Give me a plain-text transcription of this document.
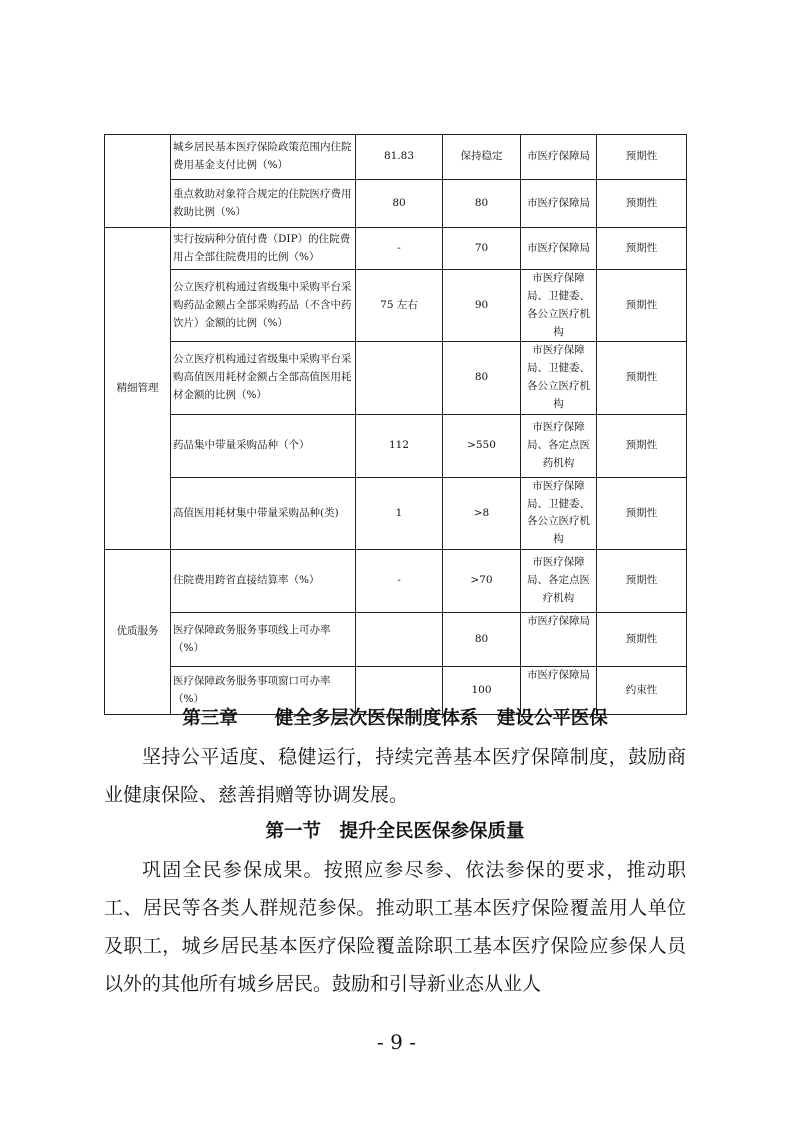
	城乡居民基本医疗保险政策范围内住院费用基金支付比例（%）	81.83	保持稳定	市医疗保障局	预期性
	重点救助对象符合规定的住院医疗费用救助比例（%）	80	80	市医疗保障局	预期性
精细管理	实行按病种分值付费（DIP）的住院费用占全部住院费用的比例（%）	-	70	市医疗保障局	预期性
	公立医疗机构通过省级集中采购平台采购药品金额占全部采购药品（不含中药饮片）金额的比例（%）	75 左右	90	市医疗保障局、卫健委、各公立医疗机构	预期性
	公立医疗机构通过省级集中采购平台采购高值医用耗材金额占全部高值医用耗材金额的比例（%）		80	市医疗保障局、卫健委、各公立医疗机构	预期性
	药品集中带量采购品种（个）	112	>550	市医疗保障局、各定点医药机构	预期性
	高值医用耗材集中带量采购品种(类)	1	>8	市医疗保障局、卫健委、各公立医疗机构	预期性
优质服务	住院费用跨省直接结算率（%）	-	>70	市医疗保障局、各定点医疗机构	预期性
	医疗保障政务服务事项线上可办率（%）		80	市医疗保障局	预期性
	医疗保障政务服务事项窗口可办率（%）		100	市医疗保障局	约束性
第三章　　健全多层次医保制度体系　建设公平医保

坚持公平适度、稳健运行，持续完善基本医疗保障制度，鼓励商业健康保险、慈善捐赠等协调发展。

第一节　提升全民医保参保质量

巩固全民参保成果。按照应参尽参、依法参保的要求，推动职工、居民等各类人群规范参保。推动职工基本医疗保险覆盖用人单位及职工，城乡居民基本医疗保险覆盖除职工基本医疗保险应参保人员以外的其他所有城乡居民。鼓励和引导新业态从业人

- 9 -
